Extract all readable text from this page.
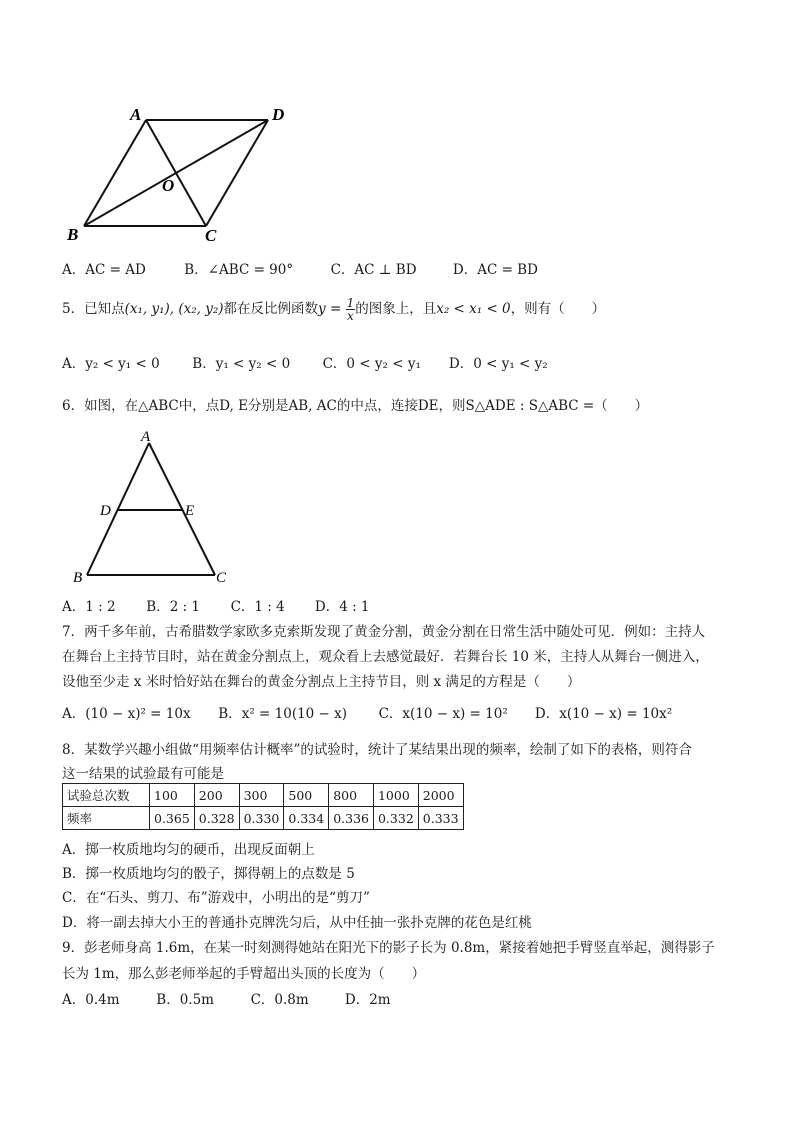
A	D
B	C
O
A．AC = AD	B．∠ABC = 90°	C．AC ⊥ BD	D．AC = BD
5．已知点(x₁, y₁), (x₂, y₂)都在反比例函数$y = \frac{1}{x}$ 的图象上，且x₂ < x₁ < 0，则有（　　）
A．y₂ < y₁ < 0 B．y₁ < y₂ < 0 C．0 < y₂ < y₁ D．0 < y₁ < y₂
6．如图，在△ABC中，点D, E分别是AB, AC的中点，连接DE，则S△ADE : S△ABC =（　　）
A
D	E
B	C
A．1 : 2 B．2 : 1 C．1 : 4 D．4 : 1
7．两千多年前，古希腊数学家欧多克索斯发现了黄金分割，黄金分割在日常生活中随处可见．例如：主持人
在舞台上主持节目时，站在黄金分割点上，观众看上去感觉最好．若舞台长 10 米，主持人从舞台一侧进入，
设他至少走 x 米时恰好站在舞台的黄金分割点上主持节目，则 x 满足的方程是（　　）
A．(10 − x)² = 10x B．x² = 10(10 − x) C．x(10 − x) = 10² D．x(10 − x) = 10x²
8．某数学兴趣小组做“用频率估计概率”的试验时，统计了某结果出现的频率，绘制了如下的表格，则符合
这一结果的试验最有可能是
试验总次数	100	200	300	500	800	1000	2000
频率	0.365	0.328	0.330	0.334	0.336	0.332	0.333
A．掷一枚质地均匀的硬币，出现反面朝上
B．掷一枚质地均匀的骰子，掷得朝上的点数是 5
C．在“石头、剪刀、布”游戏中，小明出的是“剪刀”
D．将一副去掉大小王的普通扑克牌洗匀后，从中任抽一张扑克牌的花色是红桃
9．彭老师身高 1.6m，在某一时刻测得她站在阳光下的影子长为 0.8m，紧接着她把手臂竖直举起，测得影子
长为 1m，那么彭老师举起的手臂超出头顶的长度为（　　）
A．0.4m	B．0.5m	C．0.8m	D．2m
